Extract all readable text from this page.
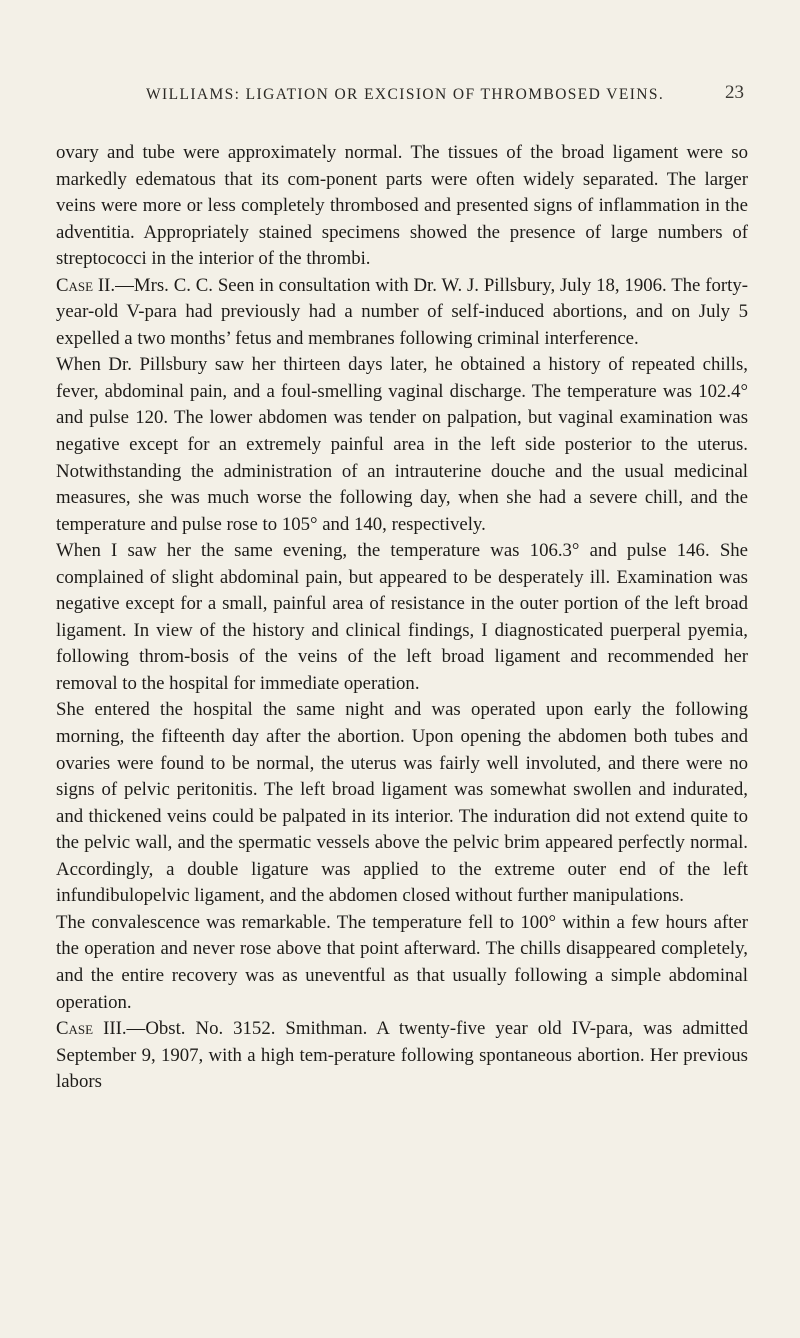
WILLIAMS: LIGATION OR EXCISION OF THROMBOSED VEINS.	23

ovary and tube were approximately normal. The tissues of the broad ligament were so markedly edematous that its com-ponent parts were often widely separated. The larger veins were more or less completely thrombosed and presented signs of inflammation in the adventitia. Appropriately stained specimens showed the presence of large numbers of streptococci in the interior of the thrombi.

Case II.—Mrs. C. C. Seen in consultation with Dr. W. J. Pillsbury, July 18, 1906. The forty-year-old V-para had previously had a number of self-induced abortions, and on July 5 expelled a two months’ fetus and membranes following criminal interference.

When Dr. Pillsbury saw her thirteen days later, he obtained a history of repeated chills, fever, abdominal pain, and a foul-smelling vaginal discharge. The temperature was 102.4° and pulse 120. The lower abdomen was tender on palpation, but vaginal examination was negative except for an extremely painful area in the left side posterior to the uterus. Notwithstanding the administration of an intrauterine douche and the usual medicinal measures, she was much worse the following day, when she had a severe chill, and the temperature and pulse rose to 105° and 140, respectively.

When I saw her the same evening, the temperature was 106.3° and pulse 146. She complained of slight abdominal pain, but appeared to be desperately ill. Examination was negative except for a small, painful area of resistance in the outer portion of the left broad ligament. In view of the history and clinical findings, I diagnosticated puerperal pyemia, following throm-bosis of the veins of the left broad ligament and recommended her removal to the hospital for immediate operation.

She entered the hospital the same night and was operated upon early the following morning, the fifteenth day after the abortion. Upon opening the abdomen both tubes and ovaries were found to be normal, the uterus was fairly well involuted, and there were no signs of pelvic peritonitis. The left broad ligament was somewhat swollen and indurated, and thickened veins could be palpated in its interior. The induration did not extend quite to the pelvic wall, and the spermatic vessels above the pelvic brim appeared perfectly normal. Accordingly, a double ligature was applied to the extreme outer end of the left infundibulopelvic ligament, and the abdomen closed without further manipulations.

The convalescence was remarkable. The temperature fell to 100° within a few hours after the operation and never rose above that point afterward. The chills disappeared completely, and the entire recovery was as uneventful as that usually following a simple abdominal operation.

Case III.—Obst. No. 3152. Smithman. A twenty-five year old IV-para, was admitted September 9, 1907, with a high tem-perature following spontaneous abortion. Her previous labors
